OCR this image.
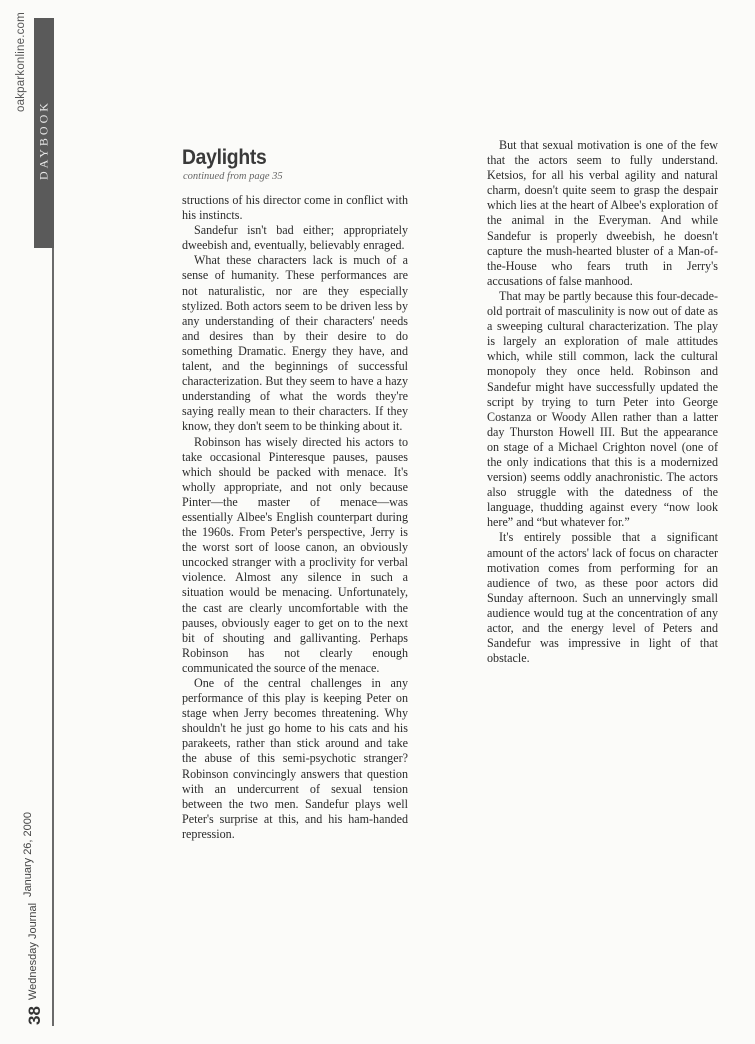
oakparkonline.com
DAYBOOK
38
Wednesday Journal
January 26, 2000
Daylights
continued from page 35

structions of his director come in conflict with his instincts.

Sandefur isn't bad either; appropriately dweebish and, eventually, believably enraged.

What these characters lack is much of a sense of humanity. These performances are not naturalistic, nor are they especially stylized. Both actors seem to be driven less by any understanding of their characters' needs and desires than by their desire to do something Dramatic. Energy they have, and talent, and the beginnings of successful characterization. But they seem to have a hazy understanding of what the words they're saying really mean to their characters. If they know, they don't seem to be thinking about it.

Robinson has wisely directed his actors to take occasional Pinteresque pauses, pauses which should be packed with menace. It's wholly appropriate, and not only because Pinter—the master of menace—was essentially Albee's English counterpart during the 1960s. From Peter's perspective, Jerry is the worst sort of loose canon, an obviously uncocked stranger with a proclivity for verbal violence. Almost any silence in such a situation would be menacing. Unfortunately, the cast are clearly uncomfortable with the pauses, obviously eager to get on to the next bit of shouting and gallivanting. Perhaps Robinson has not clearly enough communicated the source of the menace.

One of the central challenges in any performance of this play is keeping Peter on stage when Jerry becomes threatening. Why shouldn't he just go home to his cats and his parakeets, rather than stick around and take the abuse of this semi-psychotic stranger? Robinson convincingly answers that question with an undercurrent of sexual tension between the two men. Sandefur plays well Peter's surprise at this, and his ham-handed repression.

But that sexual motivation is one of the few that the actors seem to fully understand. Ketsios, for all his verbal agility and natural charm, doesn't quite seem to grasp the despair which lies at the heart of Albee's exploration of the animal in the Everyman. And while Sandefur is properly dweebish, he doesn't capture the mush-hearted bluster of a Man-of-the-House who fears truth in Jerry's accusations of false manhood.

That may be partly because this four-decade-old portrait of masculinity is now out of date as a sweeping cultural characterization. The play is largely an exploration of male attitudes which, while still common, lack the cultural monopoly they once held. Robinson and Sandefur might have successfully updated the script by trying to turn Peter into George Costanza or Woody Allen rather than a latter day Thurston Howell III. But the appearance on stage of a Michael Crighton novel (one of the only indications that this is a modernized version) seems oddly anachronistic. The actors also struggle with the datedness of the language, thudding against every “now look here” and “but whatever for.”

It's entirely possible that a significant amount of the actors' lack of focus on character motivation comes from performing for an audience of two, as these poor actors did Sunday afternoon. Such an unnervingly small audience would tug at the concentration of any actor, and the energy level of Peters and Sandefur was impressive in light of that obstacle.
